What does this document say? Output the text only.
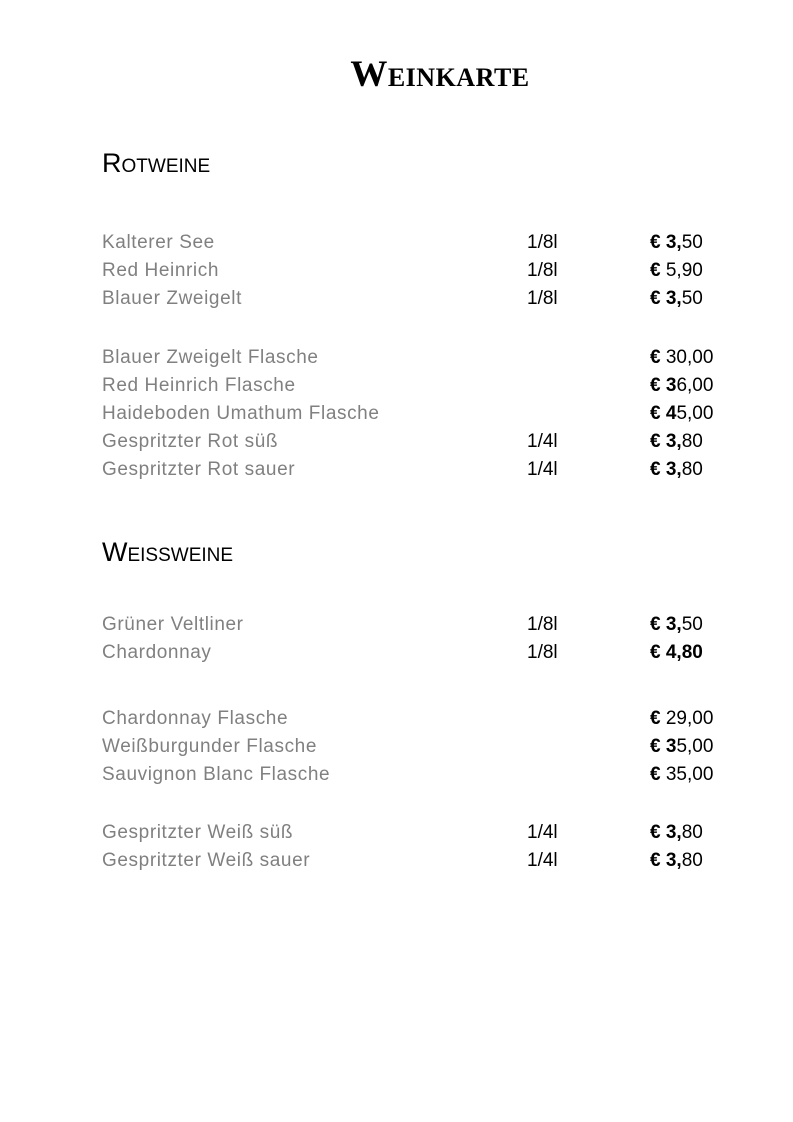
Weinkarte
Rotweine
Kalterer See	1/8l	€ 3,50
Red Heinrich	1/8l	€ 5,90
Blauer Zweigelt	1/8l	€ 3,50
Blauer Zweigelt Flasche	€ 30,00
Red Heinrich Flasche	€ 36,00
Haideboden Umathum Flasche	€ 45,00
Gespritzter Rot süß	1/4l	€ 3,80
Gespritzter Rot sauer	1/4l	€ 3,80
Weißweine
Grüner Veltliner	1/8l	€ 3,50
Chardonnay	1/8l	€ 4,80
Chardonnay Flasche	€ 29,00
Weißburgunder Flasche	€ 35,00
Sauvignon Blanc Flasche	€ 35,00
Gespritzter Weiß süß	1/4l	€ 3,80
Gespritzter Weiß sauer	1/4l	€ 3,80
